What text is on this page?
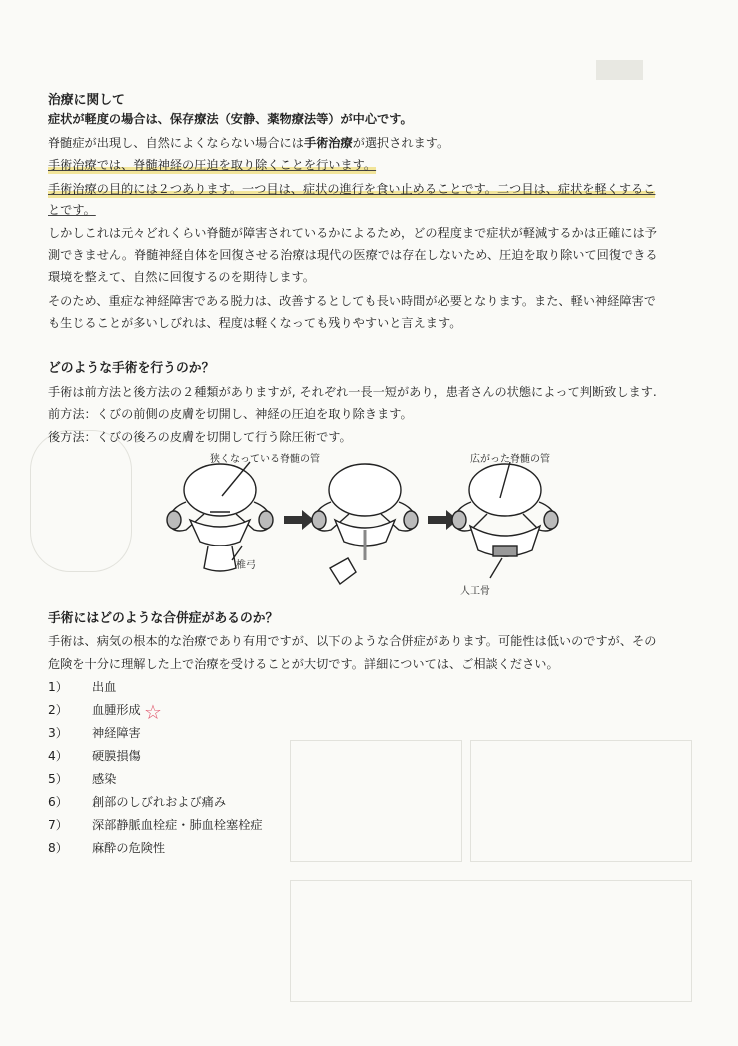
治療に関して
症状が軽度の場合は、保存療法（安静、薬物療法等）が中心です。
脊髄症が出現し、自然によくならない場合には手術治療が選択されます。
手術治療では、脊髄神経の圧迫を取り除くことを行います。
手術治療の目的には２つあります。一つ目は、症状の進行を食い止めることです。二つ目は、症状を軽くするこ
とです。
しかしこれは元々どれくらい脊髄が障害されているかによるため，どの程度まで症状が軽減するかは正確には予
測できません。脊髄神経自体を回復させる治療は現代の医療では存在しないため、圧迫を取り除いて回復できる
環境を整えて、自然に回復するのを期待します。
そのため、重症な神経障害である脱力は、改善するとしても長い時間が必要となります。また、軽い神経障害で
も生じることが多いしびれは、程度は軽くなっても残りやすいと言えます。
どのような手術を行うのか？
手術は前方法と後方法の２種類がありますが, それぞれ一長一短があり，患者さんの状態によって判断致します.
前方法：くびの前側の皮膚を切開し、神経の圧迫を取り除きます。
後方法：くびの後ろの皮膚を切開して行う除圧術です。
狭くなっている脊髄の管	広がった脊髄の管
椎弓
人工骨
手術にはどのような合併症があるのか？
手術は、病気の根本的な治療であり有用ですが、以下のような合併症があります。可能性は低いのですが、その
危険を十分に理解した上で治療を受けることが大切です。詳細については、ご相談ください。
1） 出血
2） 血腫形成
3） 神経障害
4） 硬膜損傷
5） 感染
6） 創部のしびれおよび痛み
7） 深部静脈血栓症・肺血栓塞栓症
8） 麻酔の危険性
☆
